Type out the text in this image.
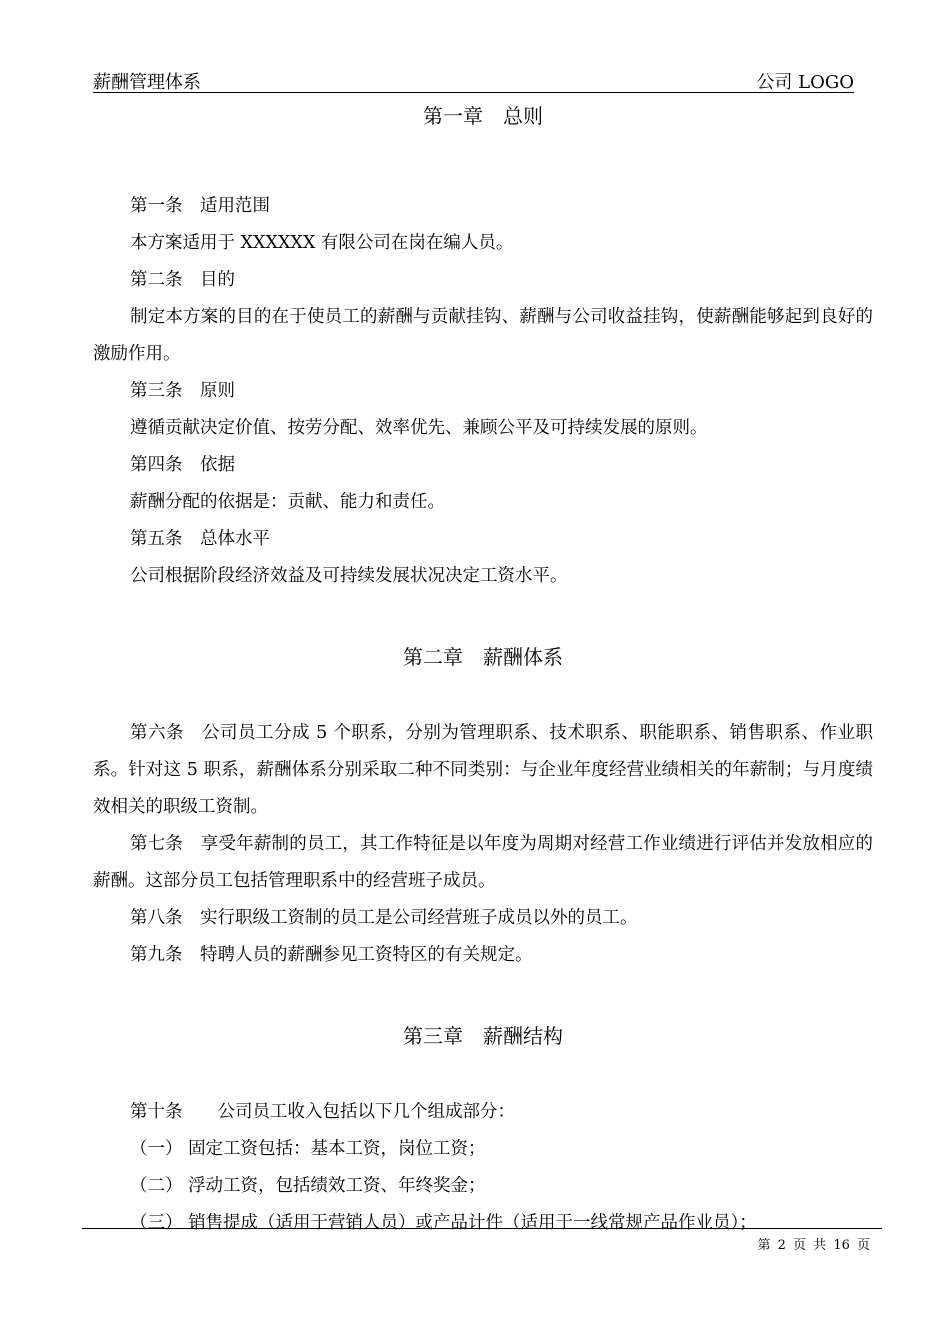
薪酬管理体系	公司 LOGO
第一章　总则
第一条　适用范围
本方案适用于 XXXXXX 有限公司在岗在编人员。
第二条　目的
制定本方案的目的在于使员工的薪酬与贡献挂钩、薪酬与公司收益挂钩，使薪酬能够起到良好的激励作用。
第三条　原则
遵循贡献决定价值、按劳分配、效率优先、兼顾公平及可持续发展的原则。
第四条　依据
薪酬分配的依据是：贡献、能力和责任。
第五条　总体水平
公司根据阶段经济效益及可持续发展状况决定工资水平。
第二章　薪酬体系
第六条　公司员工分成 5 个职系，分别为管理职系、技术职系、职能职系、销售职系、作业职系。针对这 5 职系，薪酬体系分别采取二种不同类别：与企业年度经营业绩相关的年薪制；与月度绩效相关的职级工资制。
第七条　享受年薪制的员工，其工作特征是以年度为周期对经营工作业绩进行评估并发放相应的薪酬。这部分员工包括管理职系中的经营班子成员。
第八条　实行职级工资制的员工是公司经营班子成员以外的员工。
第九条　特聘人员的薪酬参见工资特区的有关规定。
第三章　薪酬结构
第十条　　公司员工收入包括以下几个组成部分：
（一） 固定工资包括：基本工资，岗位工资；
（二） 浮动工资，包括绩效工资、年终奖金；
（三） 销售提成（适用于营销人员）或产品计件（适用于一线常规产品作业员）；
第 2 页 共 16 页
